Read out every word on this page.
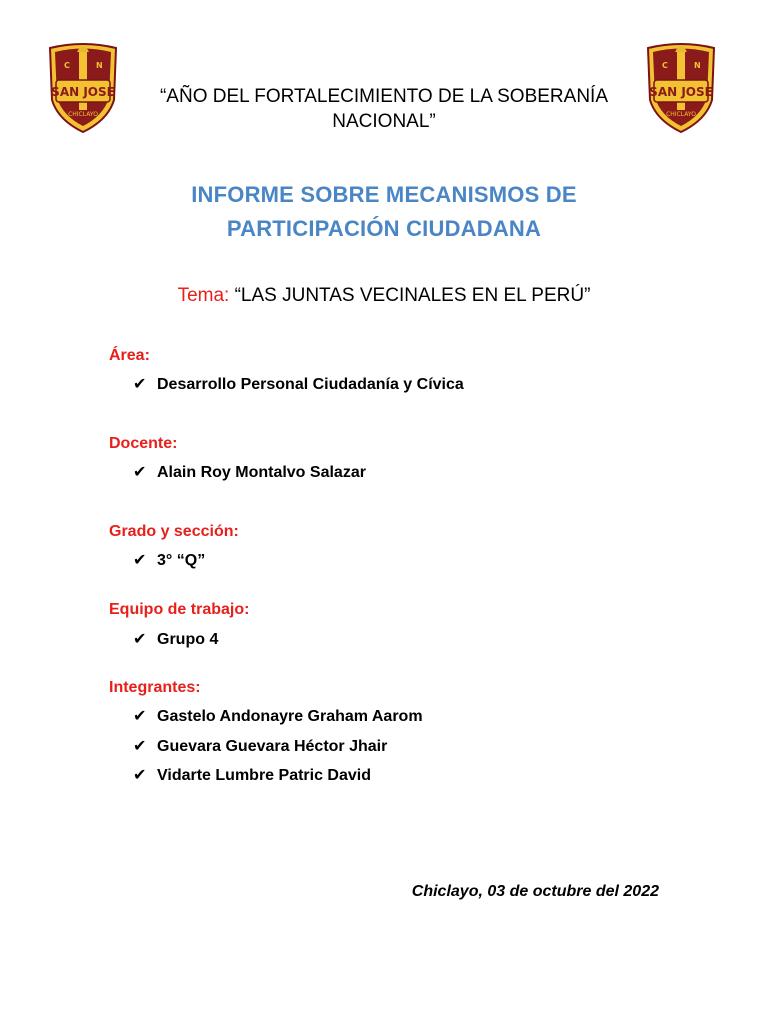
SAN JOSE
C	N
CHICLAYO
SAN JOSE
C	N
CHICLAYO
“AÑO DEL FORTALECIMIENTO DE LA SOBERANÍA
NACIONAL”
INFORME SOBRE MECANISMOS DE
PARTICIPACIÓN CIUDADANA
Tema: “LAS JUNTAS VECINALES EN EL PERÚ”
Área:
✔ Desarrollo Personal Ciudadanía y Cívica
Docente:
✔ Alain Roy Montalvo Salazar
Grado y sección:
✔ 3° “Q”
Equipo de trabajo:
✔ Grupo 4
Integrantes:
✔ Gastelo Andonayre Graham Aarom
✔ Guevara Guevara Héctor Jhair
✔ Vidarte Lumbre Patric David
Chiclayo, 03 de octubre del 2022
